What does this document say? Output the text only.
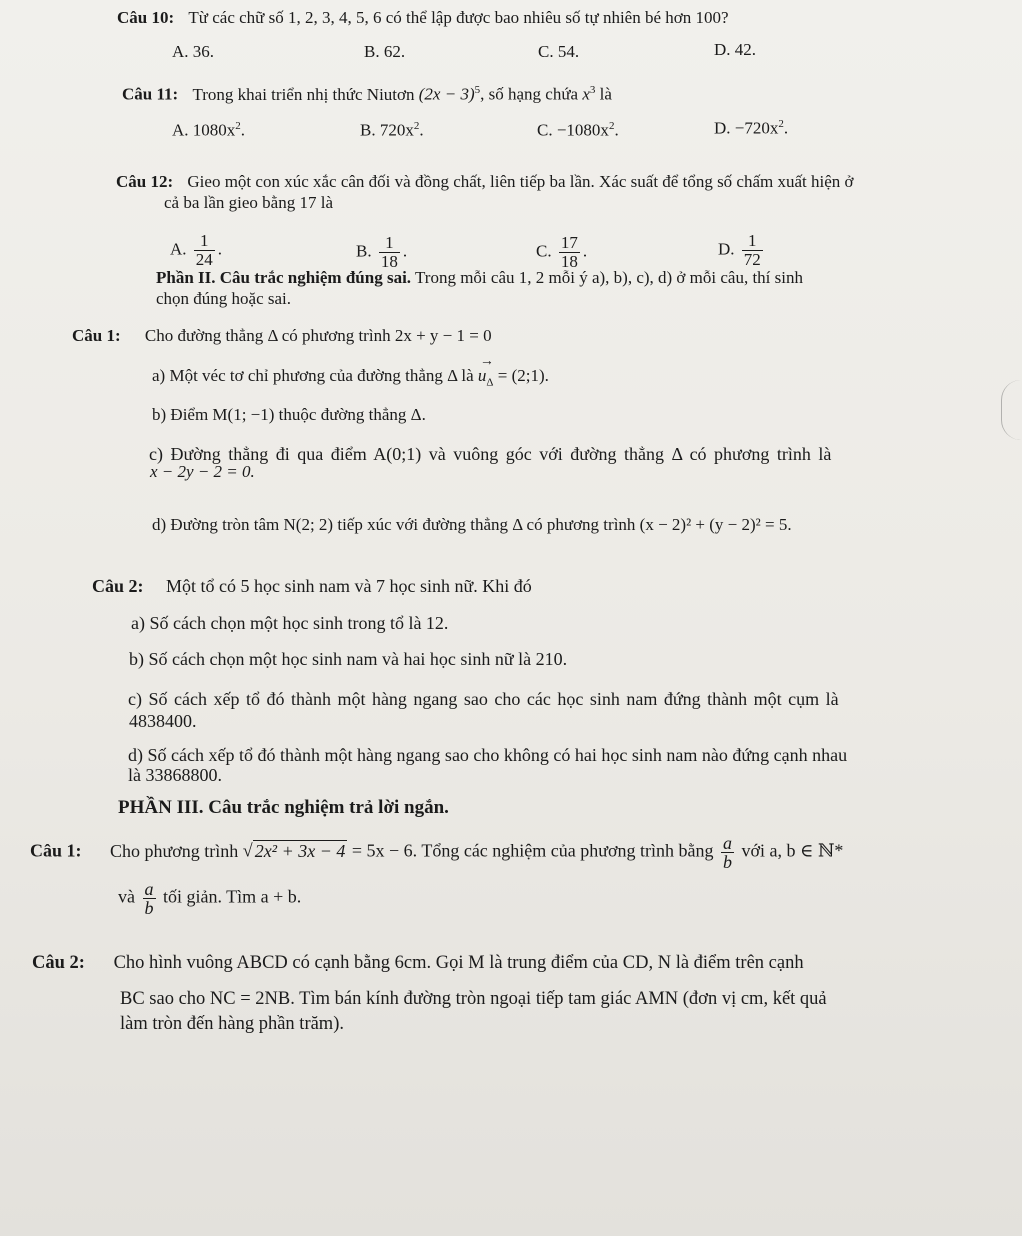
Câu 10: Từ các chữ số 1, 2, 3, 4, 5, 6 có thể lập được bao nhiêu số tự nhiên bé hơn 100?
A. 36.	B. 62.	C. 54.	D. 42.
Câu 11: Trong khai triển nhị thức Niutơn $(2x - 3)^5$, số hạng chứa $x^3$ là
A. $1080x^2$.	B. $720x^2$.	C. $-1080x^2$.	D. $-720x^2$.
Câu 12: Gieo một con xúc xắc cân đối và đồng chất, liên tiếp ba lần. Xác suất để tổng số chấm xuất hiện ở
cả ba lần gieo bằng 17 là
A. $\frac{1}{24}$ .	B. $\frac{1}{18}$ .	C. $\frac{17}{18}$ .	D. $\frac{1}{72}$
Phần II. Câu trắc nghiệm đúng sai. Trong mỗi câu 1, 2 mỗi ý a), b), c), d) ở mỗi câu, thí sinh
chọn đúng hoặc sai.
Câu 1: Cho đường thẳng Δ có phương trình 2x + y − 1 = 0
a) Một véc tơ chỉ phương của đường thẳng Δ là → $u_\Delta$ = (2;1).
b) Điểm M(1; −1) thuộc đường thẳng Δ.
c) Đường thẳng đi qua điểm A(0;1) và vuông góc với đường thẳng Δ có phương trình là
x − 2y − 2 = 0.
d) Đường tròn tâm N(2; 2) tiếp xúc với đường thẳng Δ có phương trình (x − 2)² + (y − 2)² = 5.
Câu 2: Một tổ có 5 học sinh nam và 7 học sinh nữ. Khi đó
a) Số cách chọn một học sinh trong tổ là 12.
b) Số cách chọn một học sinh nam và hai học sinh nữ là 210.
c) Số cách xếp tổ đó thành một hàng ngang sao cho các học sinh nam đứng thành một cụm là
4838400.
d) Số cách xếp tổ đó thành một hàng ngang sao cho không có hai học sinh nam nào đứng cạnh nhau
là 33868800.
PHẦN III. Câu trắc nghiệm trả lời ngắn.
Câu 1: Cho phương trình √ 2x² + 3x − 4 = 5x − 6. Tổng các nghiệm của phương trình bằng $\frac{a}{b}$ với a, b ∈ ℕ*
và $\frac{a}{b}$ tối giản. Tìm a + b.
Câu 2: Cho hình vuông ABCD có cạnh bằng 6cm. Gọi M là trung điểm của CD, N là điểm trên cạnh
BC sao cho NC = 2NB. Tìm bán kính đường tròn ngoại tiếp tam giác AMN (đơn vị cm, kết quả
làm tròn đến hàng phần trăm).
